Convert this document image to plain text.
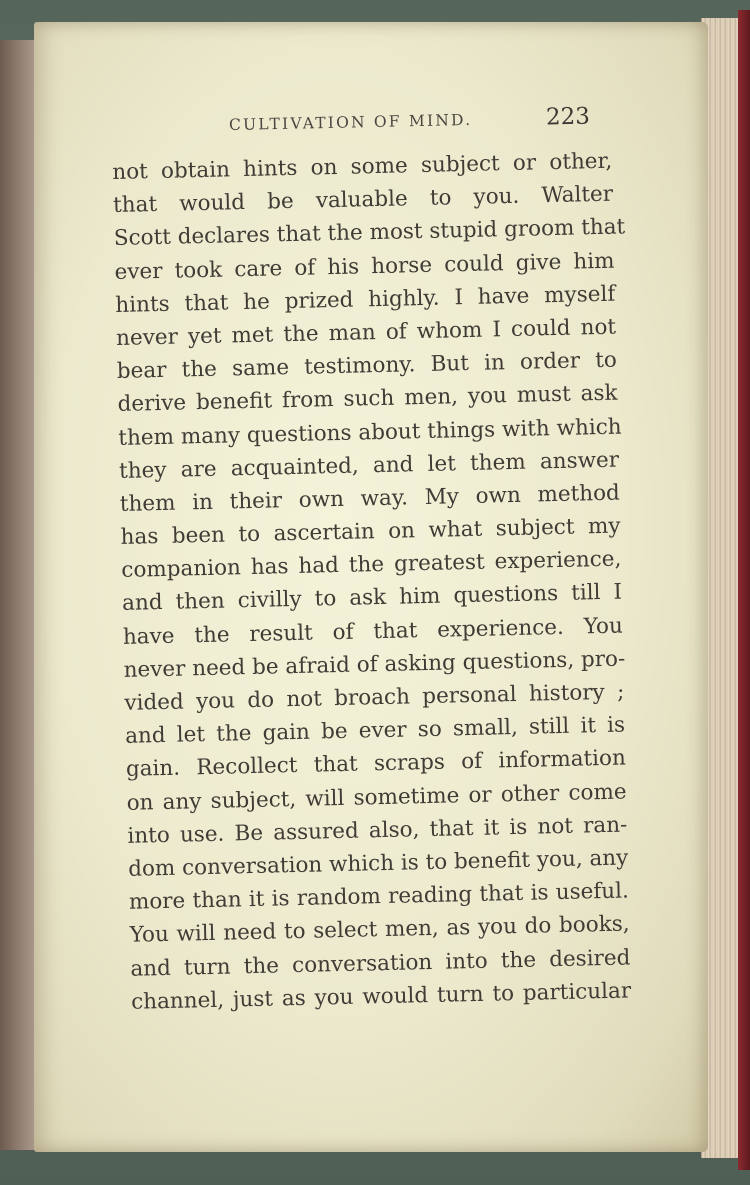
CULTIVATION OF MIND.	223
not obtain hints on some subject or other,
that would be valuable to you. Walter
Scott declares that the most stupid groom that
ever took care of his horse could give him
hints that he prized highly. I have myself
never yet met the man of whom I could not
bear the same testimony. But in order to
derive benefit from such men, you must ask
them many questions about things with which
they are acquainted, and let them answer
them in their own way. My own method
has been to ascertain on what subject my
companion has had the greatest experience,
and then civilly to ask him questions till I
have the result of that experience. You
never need be afraid of asking questions, pro-
vided you do not broach personal history ;
and let the gain be ever so small, still it is
gain. Recollect that scraps of information
on any subject, will sometime or other come
into use. Be assured also, that it is not ran-
dom conversation which is to benefit you, any
more than it is random reading that is useful.
You will need to select men, as you do books,
and turn the conversation into the desired
channel, just as you would turn to particular
